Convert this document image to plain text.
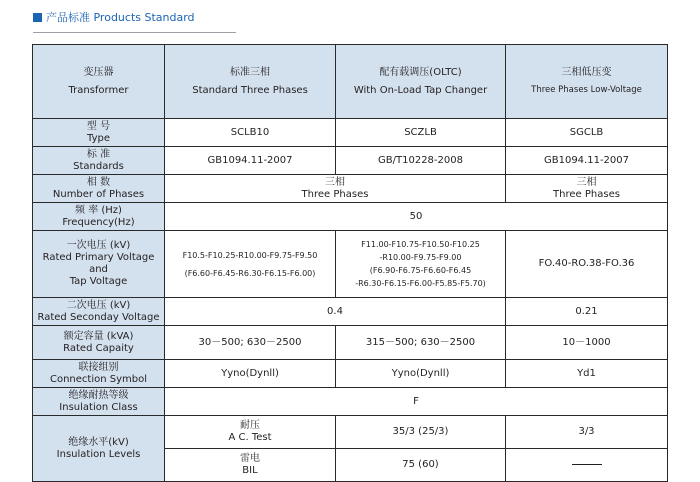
产品标准 Products Standard
变压器
Transformer	标准三相
Standard Three Phases	配有载调压(OLTC)
With On-Load Tap Changer	三相低压变
Three Phases Low-Voltage

型 号
Type	SCLB10	SCZLB	SGCLB

标 准
Standards	GB1094.11-2007	GB/T10228-2008	GB1094.11-2007

相 数
Number of Phases	三相
Three Phases		三相
Three Phases

频 率 (Hz)
Frequency(Hz)	50		

一次电压 (kV)
Rated Primary Voltage and
Tap Voltage	F10.5-F10.25-R10.00-F9.75-F9.50
(F6.60-F6.45-R6.30-F6.15-F6.00)	F11.00-F10.75-F10.50-F10.25
-R10.00-F9.75-F9.00
(F6.90-F6.75-F6.60-F6.45
-R6.30-F6.15-F6.00-F5.85-F5.70)	FO.40-RO.38-FO.36

二次电压 (kV)
Rated Seconday Voltage	0.4		0.21

额定容量 (kVA)
Rated Capaity	30－500; 630－2500	315－500; 630－2500	10－1000

联接组别
Connection Symbol	Yyno(Dynll)	Yyno(Dynll)	Yd1

绝缘耐热等级
Insulation Class	F		

绝缘水平(kV)
Insulation Levels	耐压
A C. Test	35/3 (25/3)	3/3

	雷电
BIL	75 (60)	
